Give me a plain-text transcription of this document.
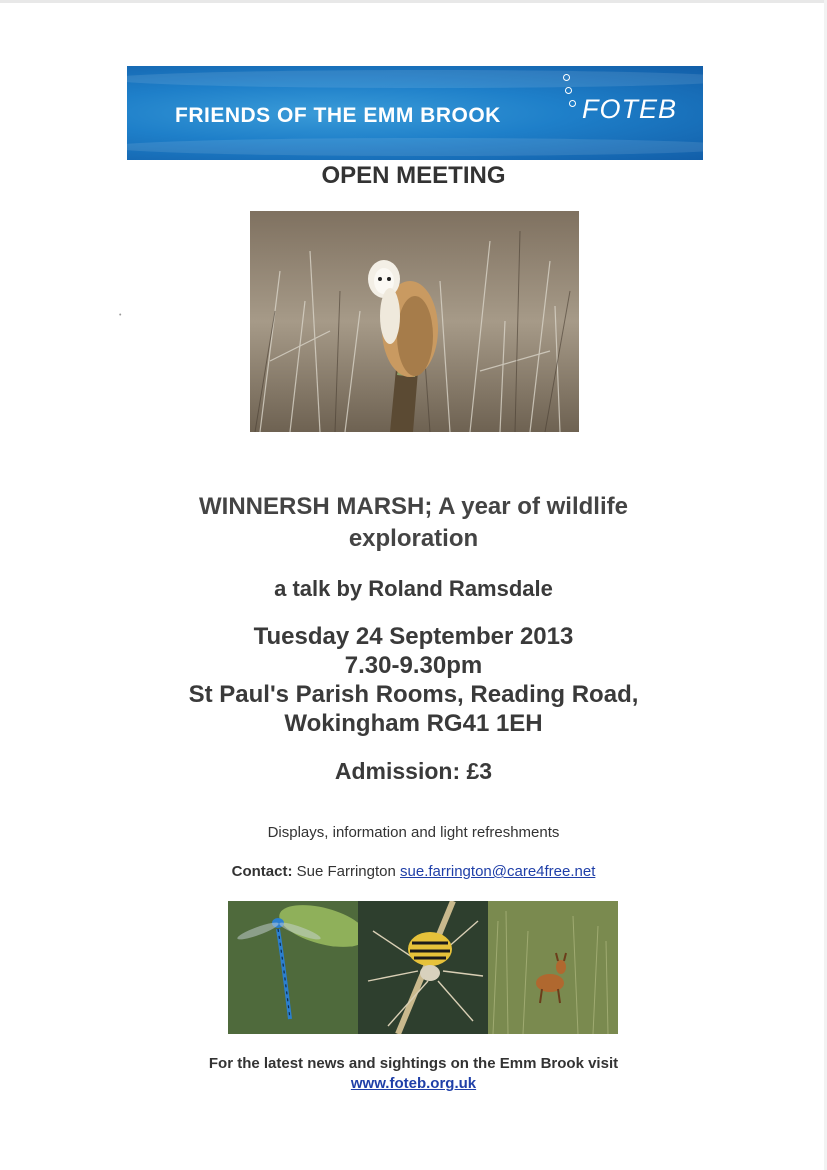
FRIENDS OF THE EMM BROOK	FOTEB
OPEN MEETING
WINNERSH MARSH; A year of wildlife
exploration
a talk by Roland Ramsdale
Tuesday 24 September 2013
7.30-9.30pm
St Paul's Parish Rooms, Reading Road,
Wokingham RG41 1EH
Admission: £3
Displays, information and light refreshments
Contact: Sue Farrington sue.farrington@care4free.net
For the latest news and sightings on the Emm Brook visit
www.foteb.org.uk
•
